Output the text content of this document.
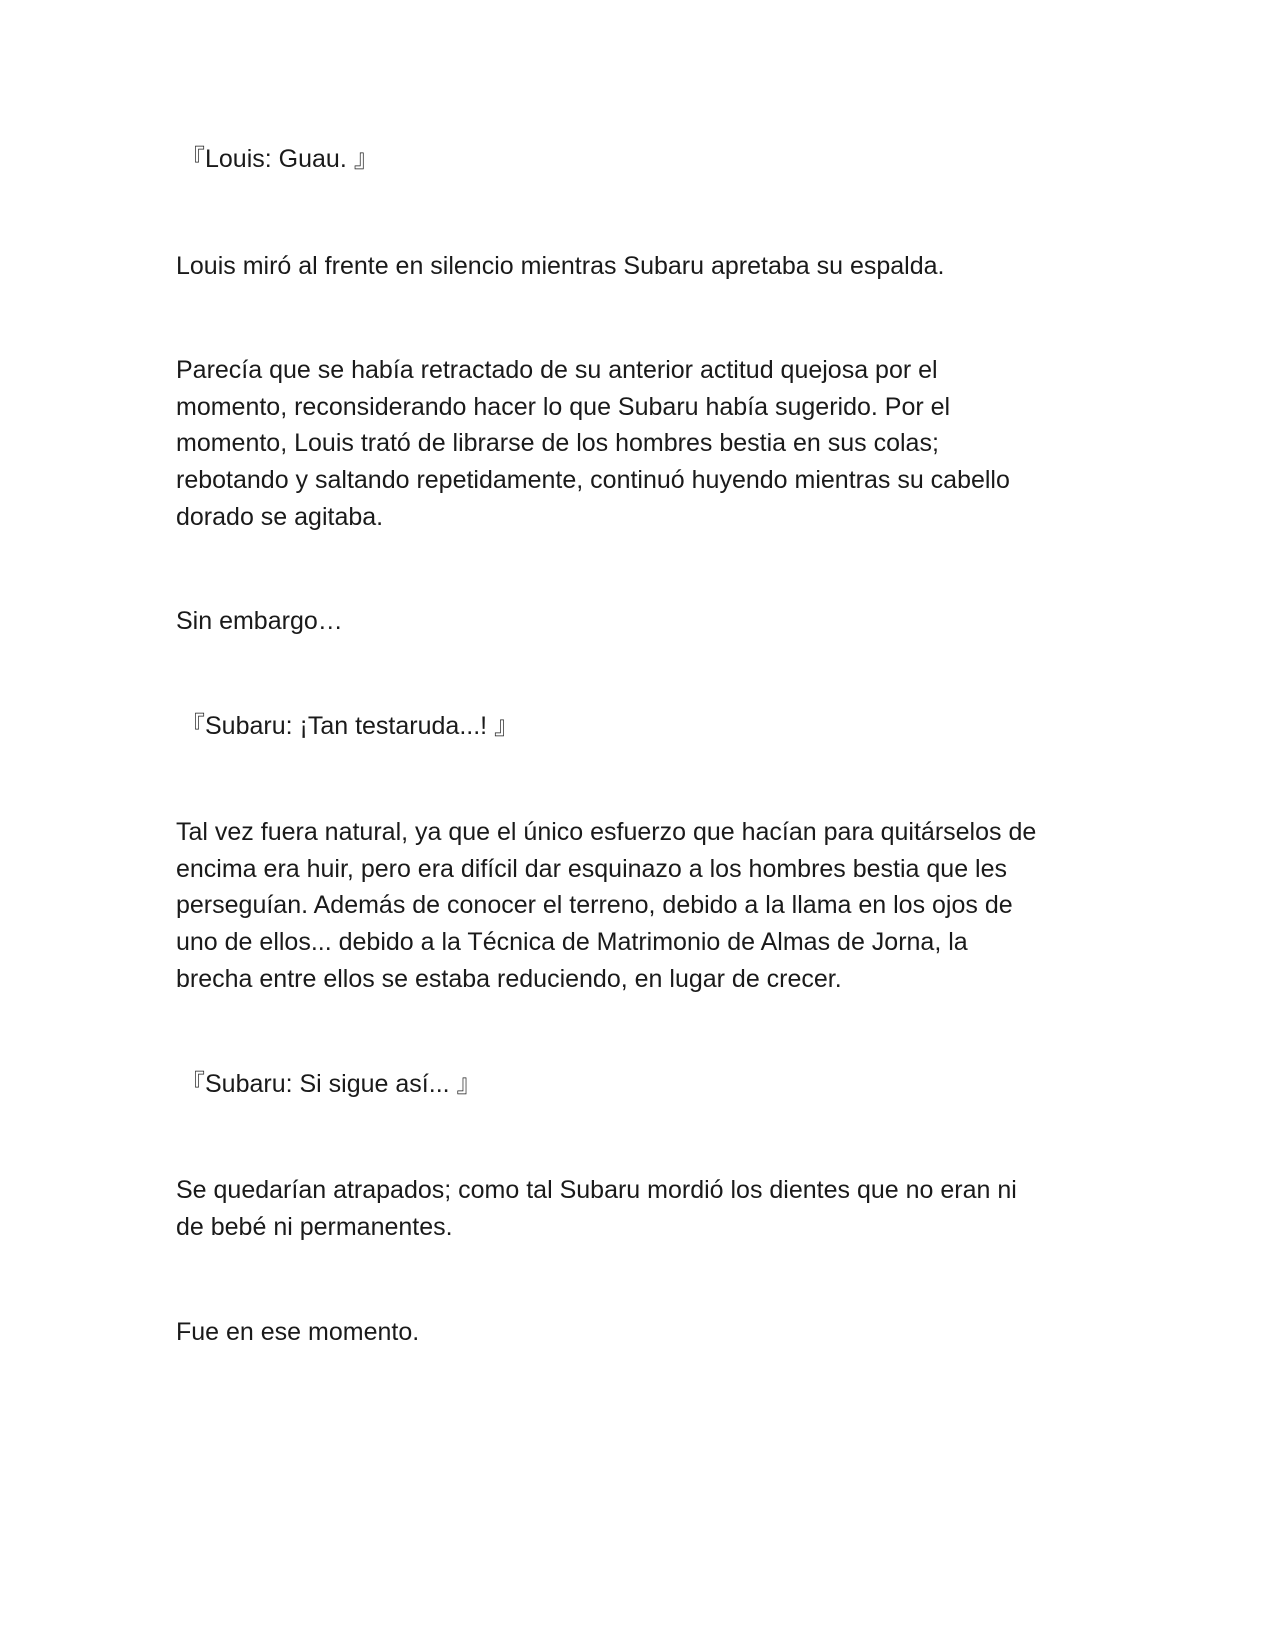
『Louis: Guau. 』

Louis miró al frente en silencio mientras Subaru apretaba su espalda.

Parecía que se había retractado de su anterior actitud quejosa por el

momento, reconsiderando hacer lo que Subaru había sugerido. Por el

momento, Louis trató de librarse de los hombres bestia en sus colas;

rebotando y saltando repetidamente, continuó huyendo mientras su cabello

dorado se agitaba.

Sin embargo…

『Subaru: ¡Tan testaruda...! 』

Tal vez fuera natural, ya que el único esfuerzo que hacían para quitárselos de

encima era huir, pero era difícil dar esquinazo a los hombres bestia que les

perseguían. Además de conocer el terreno, debido a la llama en los ojos de

uno de ellos... debido a la Técnica de Matrimonio de Almas de Jorna, la

brecha entre ellos se estaba reduciendo, en lugar de crecer.

『Subaru: Si sigue así... 』

Se quedarían atrapados; como tal Subaru mordió los dientes que no eran ni

de bebé ni permanentes.

Fue en ese momento.
